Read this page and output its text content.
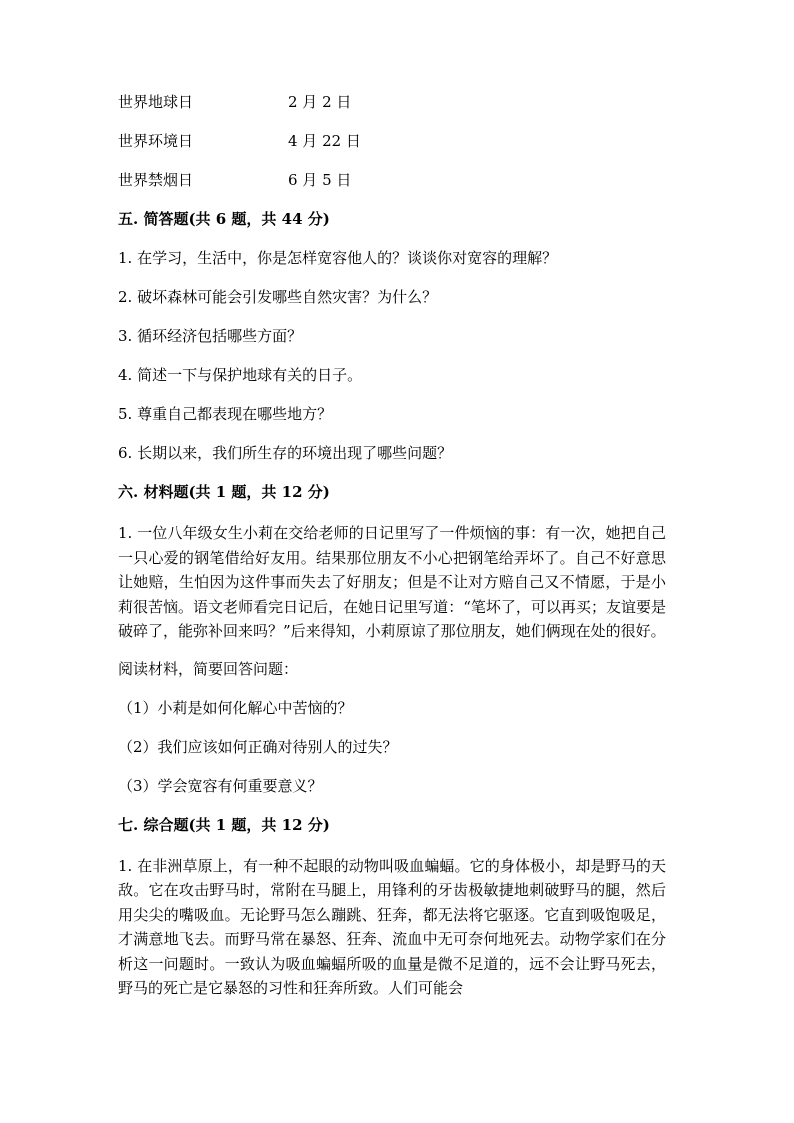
世界地球日	2 月 2 日
世界环境日	4 月 22 日
世界禁烟日	6 月 5 日
五. 简答题(共 6 题，共 44 分)
1. 在学习，生活中，你是怎样宽容他人的？谈谈你对宽容的理解？
2. 破坏森林可能会引发哪些自然灾害？为什么？
3. 循环经济包括哪些方面？
4. 简述一下与保护地球有关的日子。
5. 尊重自己都表现在哪些地方？
6. 长期以来，我们所生存的环境出现了哪些问题？
六. 材料题(共 1 题，共 12 分)
1. 一位八年级女生小莉在交给老师的日记里写了一件烦恼的事：有一次，她把自己一只心爱的钢笔借给好友用。结果那位朋友不小心把钢笔给弄坏了。自己不好意思让她赔，生怕因为这件事而失去了好朋友；但是不让对方赔自己又不情愿，于是小莉很苦恼。语文老师看完日记后，在她日记里写道：“笔坏了，可以再买；友谊要是破碎了，能弥补回来吗？”后来得知，小莉原谅了那位朋友，她们俩现在处的很好。
阅读材料，简要回答问题：
（1）小莉是如何化解心中苦恼的？
（2）我们应该如何正确对待别人的过失？
（3）学会宽容有何重要意义？
七. 综合题(共 1 题，共 12 分)
1. 在非洲草原上，有一种不起眼的动物叫吸血蝙蝠。它的身体极小，却是野马的天敌。它在攻击野马时，常附在马腿上，用锋利的牙齿极敏捷地刺破野马的腿，然后用尖尖的嘴吸血。无论野马怎么蹦跳、狂奔，都无法将它驱逐。它直到吸饱吸足，才满意地飞去。而野马常在暴怒、狂奔、流血中无可奈何地死去。动物学家们在分析这一问题时。一致认为吸血蝙蝠所吸的血量是微不足道的，远不会让野马死去，野马的死亡是它暴怒的习性和狂奔所致。人们可能会
